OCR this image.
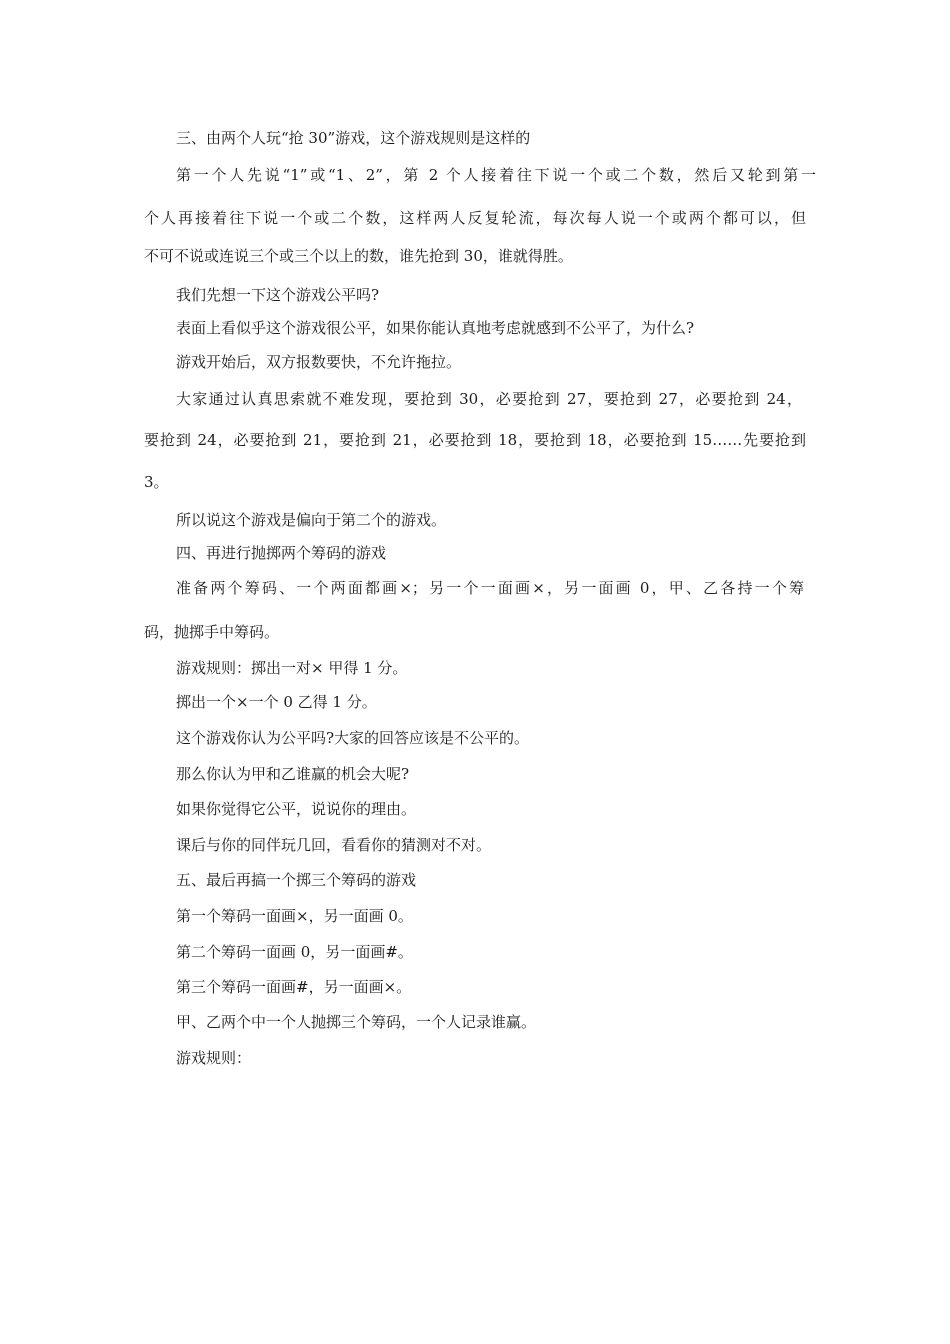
三、由两个人玩“抢 30”游戏，这个游戏规则是这样的
第一个人先说“1”或“1、2”，第 2 个人接着往下说一个或二个数，然后又轮到第一
个人再接着往下说一个或二个数，这样两人反复轮流，每次每人说一个或两个都可以，但
不可不说或连说三个或三个以上的数，谁先抢到 30，谁就得胜。
我们先想一下这个游戏公平吗?
表面上看似乎这个游戏很公平，如果你能认真地考虑就感到不公平了，为什么?
游戏开始后，双方报数要快，不允许拖拉。
大家通过认真思索就不难发现，要抢到 30，必要抢到 27，要抢到 27，必要抢到 24，
要抢到 24，必要抢到 21，要抢到 21，必要抢到 18，要抢到 18，必要抢到 15……先要抢到
3。
所以说这个游戏是偏向于第二个的游戏。
四、再进行抛掷两个筹码的游戏
准备两个筹码、一个两面都画×；另一个一面画×，另一面画 0，甲、乙各持一个筹
码，抛掷手中筹码。
游戏规则：掷出一对× 甲得 1 分。
掷出一个×一个 0 乙得 1 分。
这个游戏你认为公平吗?大家的回答应该是不公平的。
那么你认为甲和乙谁赢的机会大呢?
如果你觉得它公平，说说你的理由。
课后与你的同伴玩几回，看看你的猜测对不对。
五、最后再搞一个掷三个筹码的游戏
第一个筹码一面画×，另一面画 0。
第二个筹码一面画 0，另一面画#。
第三个筹码一面画#，另一面画×。
甲、乙两个中一个人抛掷三个筹码，一个人记录谁赢。
游戏规则：
